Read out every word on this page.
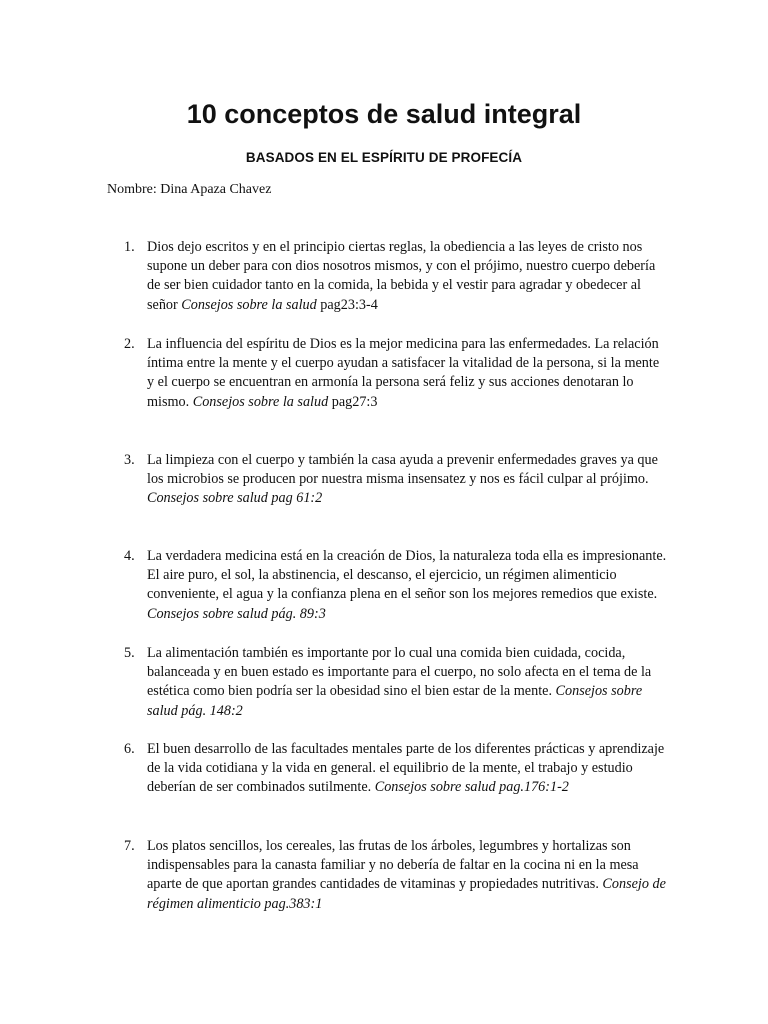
10 conceptos de salud integral
BASADOS EN EL ESPÍRITU DE PROFECÍA
Nombre: Dina Apaza Chavez
1. Dios dejo escritos y en el principio ciertas reglas, la obediencia a las leyes de cristo nos supone un deber para con dios nosotros mismos, y con el prójimo, nuestro cuerpo debería de ser bien cuidador tanto en la comida, la bebida y el vestir para agradar y obedecer al señor Consejos sobre la salud pag23:3-4
2. La influencia del espíritu de Dios es la mejor medicina para las enfermedades. La relación íntima entre la mente y el cuerpo ayudan a satisfacer la vitalidad de la persona, si la mente y el cuerpo se encuentran en armonía la persona será feliz y sus acciones denotaran lo mismo. Consejos sobre la salud pag27:3
3. La limpieza con el cuerpo y también la casa ayuda a prevenir enfermedades graves ya que los microbios se producen por nuestra misma insensatez y nos es fácil culpar al prójimo. Consejos sobre salud pag 61:2
4. La verdadera medicina está en la creación de Dios, la naturaleza toda ella es impresionante. El aire puro, el sol, la abstinencia, el descanso, el ejercicio, un régimen alimenticio conveniente, el agua y la confianza plena en el señor son los mejores remedios que existe. Consejos sobre salud pág. 89:3
5. La alimentación también es importante por lo cual una comida bien cuidada, cocida, balanceada y en buen estado es importante para el cuerpo, no solo afecta en el tema de la estética como bien podría ser la obesidad sino el bien estar de la mente. Consejos sobre salud pág. 148:2
6. El buen desarrollo de las facultades mentales parte de los diferentes prácticas y aprendizaje de la vida cotidiana y la vida en general. el equilibrio de la mente, el trabajo y estudio deberían de ser combinados sutilmente. Consejos sobre salud pag.176:1-2
7. Los platos sencillos, los cereales, las frutas de los árboles, legumbres y hortalizas son indispensables para la canasta familiar y no debería de faltar en la cocina ni en la mesa aparte de que aportan grandes cantidades de vitaminas y propiedades nutritivas. Consejo de régimen alimenticio pag.383:1
